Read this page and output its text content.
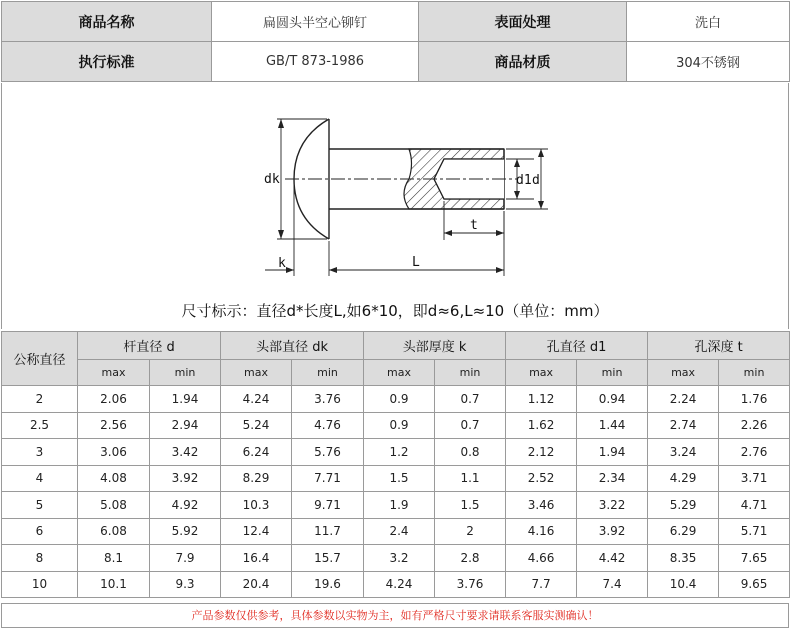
商品名称	扁圆头半空心铆钉	表面处理	洗白
执行标准	GB/T 873-1986	商品材质	304不锈钢
dk	d1 d
t
k	L
尺寸标示：直径d*长度L,如6*10，即d≈6,L≈10（单位：mm）
公称直径	杆直径 d		头部直径 dk		头部厚度 k		孔直径 d1		孔深度 t	
	max	min	max	min	max	min	max	min	max	min
2	2.06	1.94	4.24	3.76	0.9	0.7	1.12	0.94	2.24	1.76
2.5	2.56	2.94	5.24	4.76	0.9	0.7	1.62	1.44	2.74	2.26
3	3.06	3.42	6.24	5.76	1.2	0.8	2.12	1.94	3.24	2.76
4	4.08	3.92	8.29	7.71	1.5	1.1	2.52	2.34	4.29	3.71
5	5.08	4.92	10.3	9.71	1.9	1.5	3.46	3.22	5.29	4.71
6	6.08	5.92	12.4	11.7	2.4	2	4.16	3.92	6.29	5.71
8	8.1	7.9	16.4	15.7	3.2	2.8	4.66	4.42	8.35	7.65
10	10.1	9.3	20.4	19.6	4.24	3.76	7.7	7.4	10.4	9.65
产品参数仅供参考，具体参数以实物为主，如有严格尺寸要求请联系客服实测确认！
